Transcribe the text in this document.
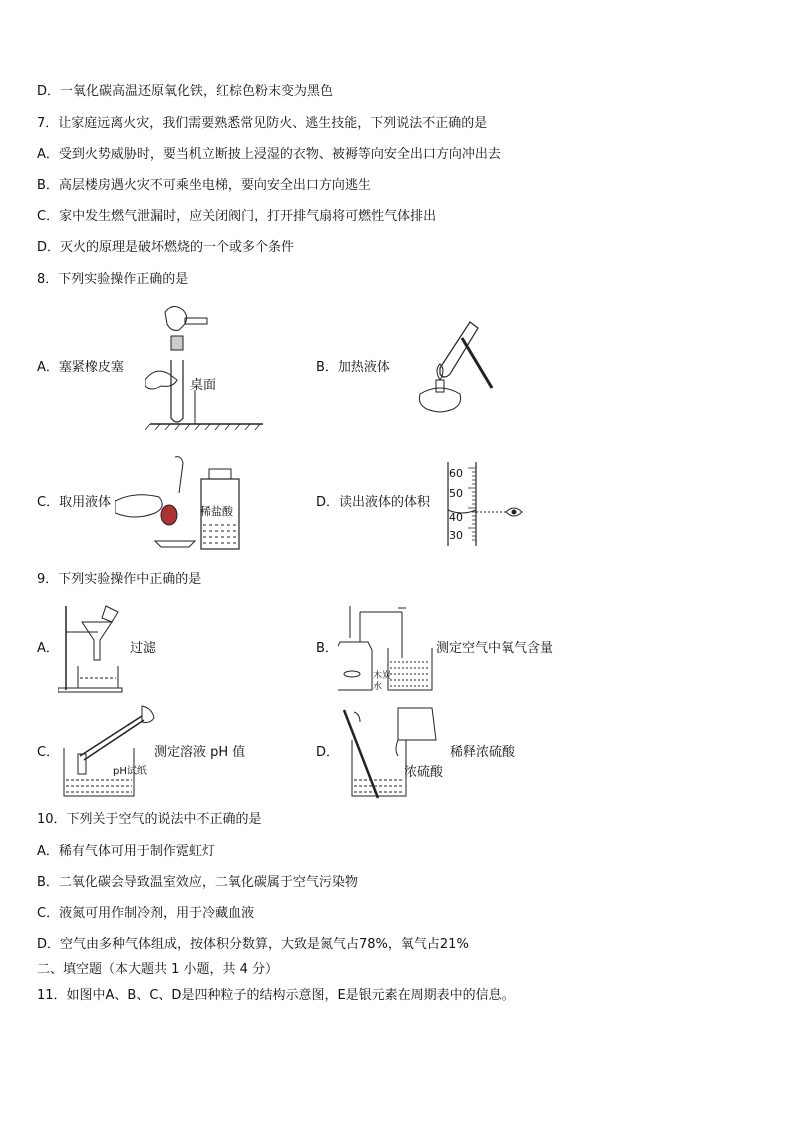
D．一氧化碳高温还原氧化铁，红棕色粉末变为黑色
7．让家庭远离火灾，我们需要熟悉常见防火、逃生技能，下列说法不正确的是
A．受到火势威胁时，要当机立断披上浸湿的衣物、被褥等向安全出口方向冲出去
B．高层楼房遇火灾不可乘坐电梯，要向安全出口方向逃生
C．家中发生燃气泄漏时，应关闭阀门，打开排气扇将可燃性气体排出
D．灭火的原理是破坏燃烧的一个或多个条件
8．下列实验操作正确的是
A．塞紧橡皮塞
桌面
B．加热液体
C．取用液体
稀盐酸
D．读出液体的体积
60
50
40
30
9．下列实验操作中正确的是
A．	过滤	B．
木炭
水
测定空气中氧气含量
C．
pH试纸
测定溶液 pH 值	D．
浓硫酸
稀释浓硫酸
10．下列关于空气的说法中不正确的是
A．稀有气体可用于制作霓虹灯
B．二氧化碳会导致温室效应，二氧化碳属于空气污染物
C．液氮可用作制冷剂，用于冷藏血液
D．空气由多种气体组成，按体积分数算，大致是氮气占78%，氧气占21%
二、填空题（本大题共 1 小题，共 4 分）
11．如图中A、B、C、D是四种粒子的结构示意图，E是银元素在周期表中的信息。
